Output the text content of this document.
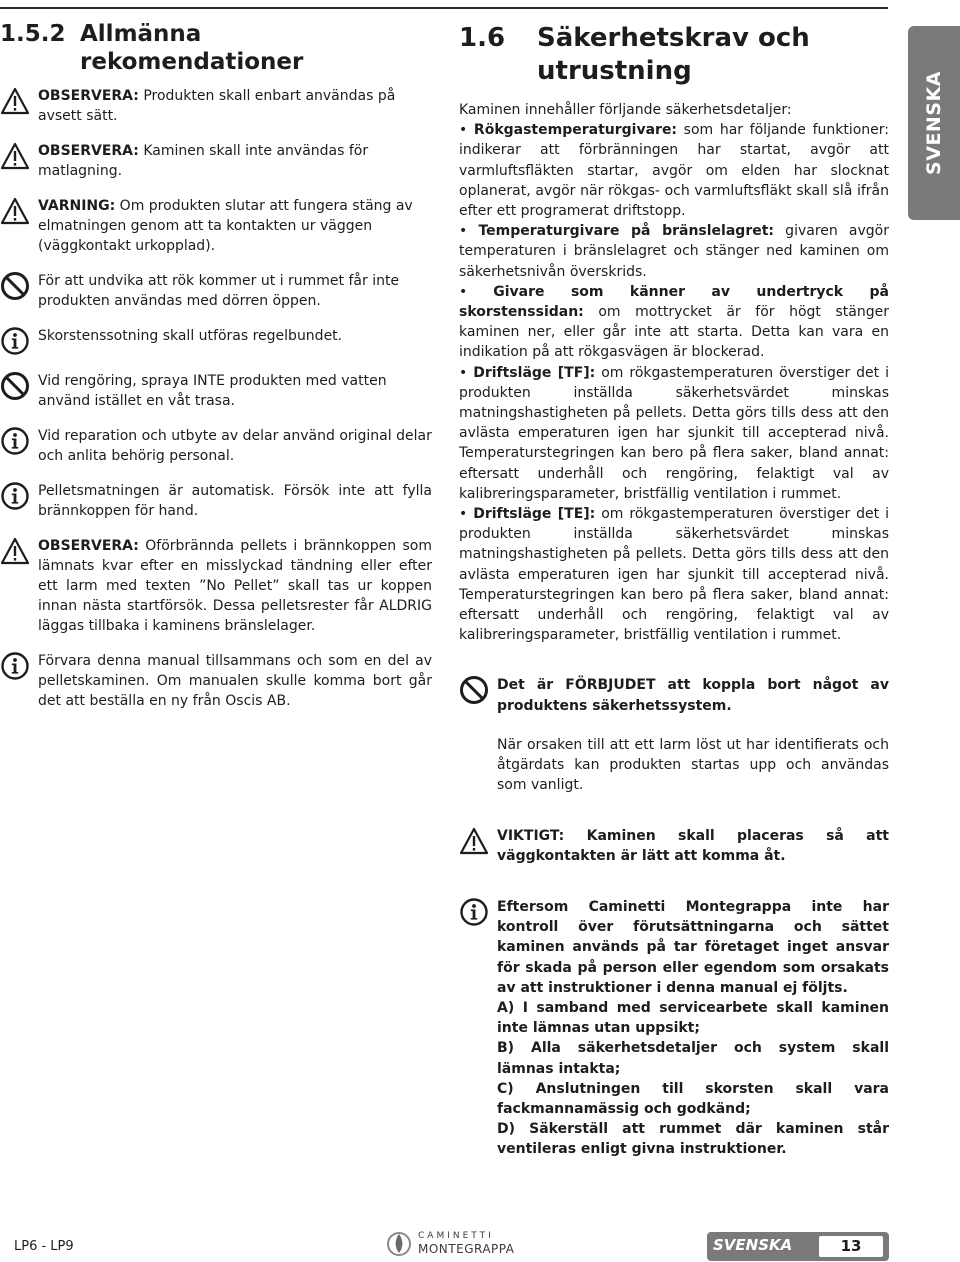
1.5.2 Allmänna rekomendationer
OBSERVERA: Produkten skall enbart användas på avsett sätt.
OBSERVERA: Kaminen skall inte användas för matlagning.
VARNING: Om produkten slutar att fungera stäng av elmatningen genom att ta kontakten ur väggen (väggkontakt urkopplad).
För att undvika att rök kommer ut i rummet får inte produkten användas med dörren öppen.
Skorstenssotning skall utföras regelbundet.
Vid rengöring, spraya INTE produkten med vatten använd istället en våt trasa.
Vid reparation och utbyte av delar använd original delar och anlita behörig personal.
Pelletsmatningen är automatisk. Försök inte att fylla brännkoppen för hand.
OBSERVERA: Oförbrännda pellets i brännkoppen som lämnats kvar efter en misslyckad tändning eller efter ett larm med texten ”No Pellet” skall tas ur koppen innan nästa startförsök. Dessa pelletsrester får ALDRIG läggas tillbaka i kaminens bränslelager.
Förvara denna manual tillsammans och som en del av pelletskaminen. Om manualen skulle komma bort går det att beställa en ny från Oscis AB.
1.6	Säkerhetskrav och utrustning

Kaminen innehåller förljande säkerhetsdetaljer:

• Rökgastemperaturgivare: som har följande funktioner: indikerar att förbränningen har startat, avgör att varmluftsfläkten startar, avgör om elden har slocknat oplanerat, avgör när rökgas- och varmluftsfläkt skall slå ifrån efter ett programerat driftstopp.

• Temperaturgivare på bränslelagret: givaren avgör temperaturen i bränslelagret och stänger ned kaminen om säkerhetsnivån överskrids.

• Givare som känner av undertryck på skorstenssidan: om mottrycket är för högt stänger kaminen ner, eller går inte att starta. Detta kan vara en indikation på att rökgasvägen är blockerad.

• Driftsläge [TF]: om rökgastemperaturen överstiger det i produkten inställda säkerhetsvärdet minskas matningshastigheten på pellets. Detta görs tills dess att den avlästa emperaturen igen har sjunkit till accepterad nivå. Temperaturstegringen kan bero på flera saker, bland annat: eftersatt underhåll och rengöring, felaktigt val av kalibreringsparameter, bristfällig ventilation i rummet.

• Driftsläge [TE]: om rökgastemperaturen överstiger det i produkten inställda säkerhetsvärdet minskas matningshastigheten på pellets. Detta görs tills dess att den avlästa emperaturen igen har sjunkit till accepterad nivå. Temperaturstegringen kan bero på flera saker, bland annat: eftersatt underhåll och rengöring, felaktigt val av kalibreringsparameter, bristfällig ventilation i rummet.

Det är FÖRBJUDET att koppla bort något av produktens säkerhetssystem.
När orsaken till att ett larm löst ut har identifierats och åtgärdats kan produkten startas upp och användas som vanligt.
VIKTIGT: Kaminen skall placeras så att väggkontakten är lätt att komma åt.
Eftersom Caminetti Montegrappa inte har kontroll över förutsättningarna och sättet kaminen används på tar företaget inget ansvar för skada på person eller egendom som orsakats av att instruktioner i denna manual ej följts.
A) I samband med servicearbete skall kaminen inte lämnas utan uppsikt;
B) Alla säkerhetsdetaljer och system skall lämnas intakta;
C) Anslutningen till skorsten skall vara fackmannamässig och godkänd;
D) Säkerställ att rummet där kaminen står ventileras enligt givna instruktioner.
SVENSKA
LP6 - LP9
CAMINETTI
MONTEGRAPPA	SVENSKA	13
